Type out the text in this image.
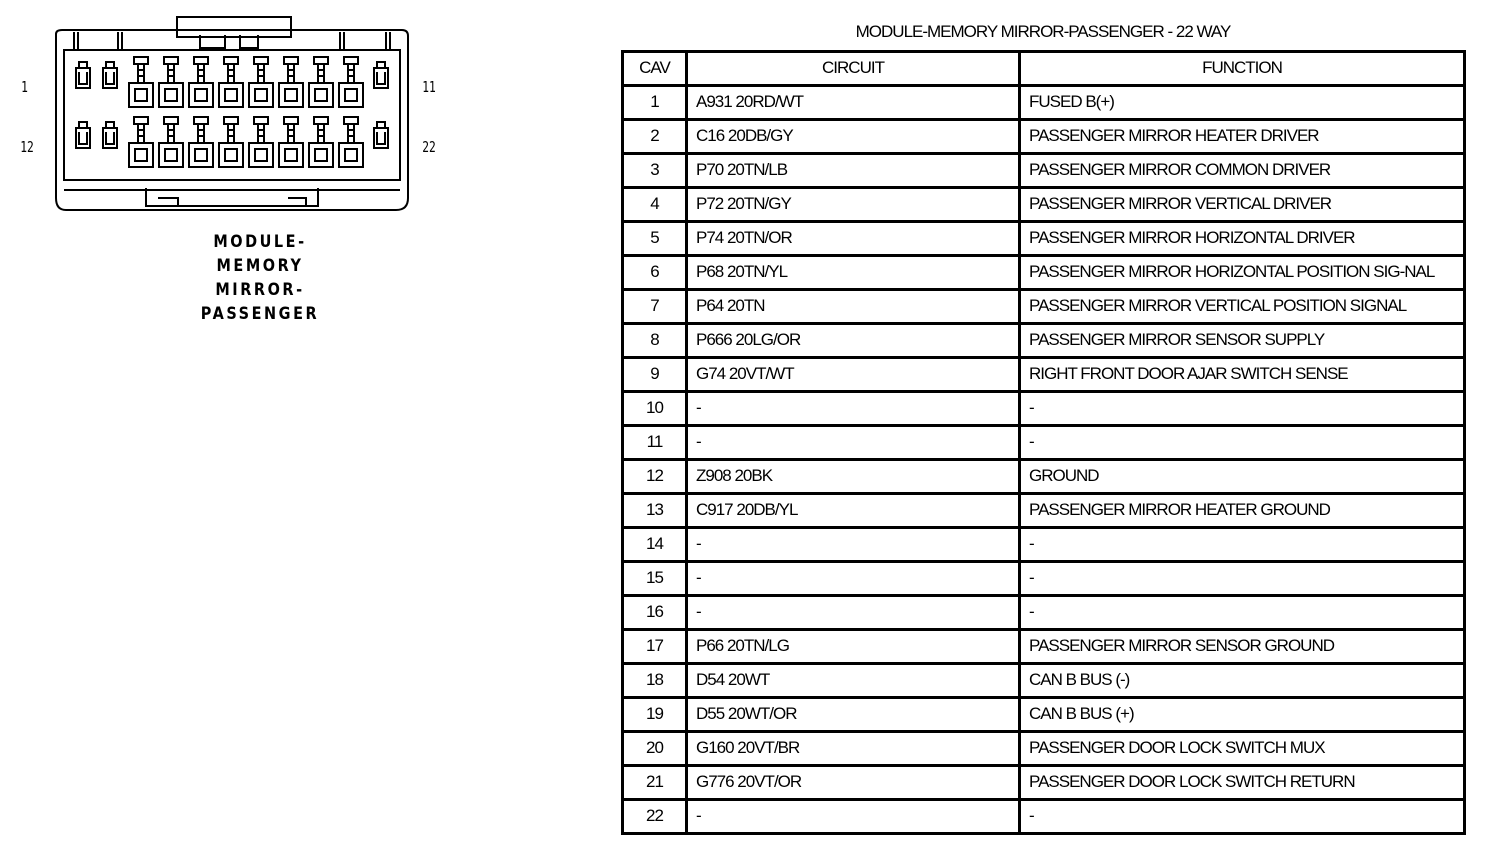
1	11
12	22
MODULE-
MEMORY
MIRROR-
PASSENGER
MODULE-MEMORY MIRROR-PASSENGER - 22 WAY
CAV	CIRCUIT	FUNCTION
1	A931 20RD/WT	FUSED B(+)
2	C16 20DB/GY	PASSENGER MIRROR HEATER DRIVER
3	P70 20TN/LB	PASSENGER MIRROR COMMON DRIVER
4	P72 20TN/GY	PASSENGER MIRROR VERTICAL DRIVER
5	P74 20TN/OR	PASSENGER MIRROR HORIZONTAL DRIVER
6	P68 20TN/YL	PASSENGER MIRROR HORIZONTAL POSITION SIG-NAL
7	P64 20TN	PASSENGER MIRROR VERTICAL POSITION SIGNAL
8	P666 20LG/OR	PASSENGER MIRROR SENSOR SUPPLY
9	G74 20VT/WT	RIGHT FRONT DOOR AJAR SWITCH SENSE
10	-	-
11	-	-
12	Z908 20BK	GROUND
13	C917 20DB/YL	PASSENGER MIRROR HEATER GROUND
14	-	-
15	-	-
16	-	-
17	P66 20TN/LG	PASSENGER MIRROR SENSOR GROUND
18	D54 20WT	CAN B BUS (-)
19	D55 20WT/OR	CAN B BUS (+)
20	G160 20VT/BR	PASSENGER DOOR LOCK SWITCH MUX
21	G776 20VT/OR	PASSENGER DOOR LOCK SWITCH RETURN
22	-	-
